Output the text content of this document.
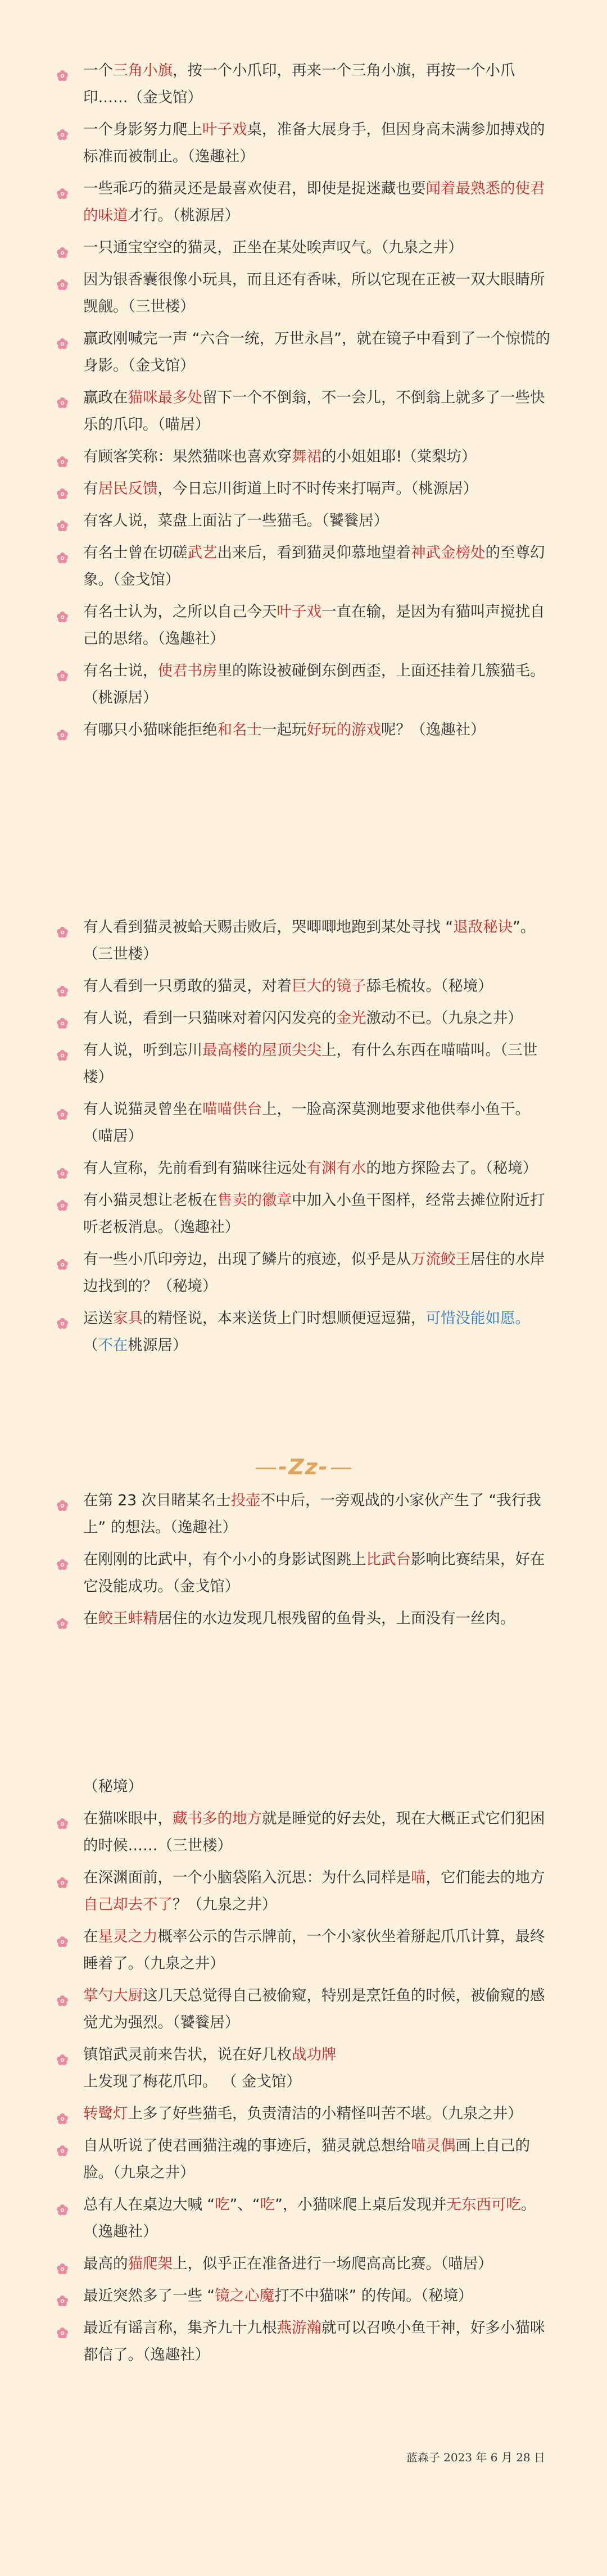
一个三角小旗，按一个小爪印，再来一个三角小旗，再按一个小爪印……（金戈馆）
一个身影努力爬上叶子戏桌，准备大展身手，但因身高未满参加搏戏的标准而被制止。（逸趣社）
一些乖巧的猫灵还是最喜欢使君，即使是捉迷藏也要闻着最熟悉的使君的味道才行。（桃源居）
一只通宝空空的猫灵，正坐在某处唉声叹气。（九泉之井）
因为银香囊很像小玩具，而且还有香味，所以它现在正被一双大眼睛所觊觎。（三世楼）
赢政刚喊完一声 “六合一统，万世永昌”，就在镜子中看到了一个惊慌的身影。（金戈馆）
赢政在猫咪最多处留下一个不倒翁，不一会儿，不倒翁上就多了一些快乐的爪印。（喵居）
有顾客笑称：果然猫咪也喜欢穿舞裙的小姐姐耶!（棠梨坊）
有居民反馈，今日忘川街道上时不时传来打嗝声。（桃源居）
有客人说，菜盘上面沾了一些猫毛。（饕餮居）
有名士曾在切磋武艺出来后，看到猫灵仰慕地望着神武金榜处的至尊幻象。（金戈馆）
有名士认为，之所以自己今天叶子戏一直在输，是因为有猫叫声搅扰自己的思绪。（逸趣社）
有名士说，使君书房里的陈设被碰倒东倒西歪，上面还挂着几簇猫毛。（桃源居）
有哪只小猫咪能拒绝和名士一起玩好玩的游戏呢？（逸趣社）
有人看到猫灵被蛤天赐击败后，哭唧唧地跑到某处寻找 “退敌秘诀”。（三世楼）
有人看到一只勇敢的猫灵，对着巨大的镜子舔毛梳妆。（秘境）
有人说，看到一只猫咪对着闪闪发亮的金光激动不已。（九泉之井）
有人说，听到忘川最高楼的屋顶尖尖上，有什么东西在喵喵叫。（三世楼）
有人说猫灵曾坐在喵喵供台上，一脸高深莫测地要求他供奉小鱼干。（喵居）
有人宣称，先前看到有猫咪往远处有渊有水的地方探险去了。（秘境）
有小猫灵想让老板在售卖的徽章中加入小鱼干图样，经常去摊位附近打听老板消息。（逸趣社）
有一些小爪印旁边，出现了鳞片的痕迹，似乎是从万流鲛王居住的水岸边找到的？（秘境）
运送家具的精怪说，本来送货上门时想顺便逗逗猫，可惜没能如愿。（不在桃源居）
-Zz-
在第 23 次目睹某名士投壶不中后，一旁观战的小家伙产生了 “我行我上” 的想法。（逸趣社）
在刚刚的比武中，有个小小的身影试图跳上比武台影响比赛结果，好在它没能成功。（金戈馆）
在鲛王蚌精居住的水边发现几根残留的鱼骨头，上面没有一丝肉。
（秘境）
在猫咪眼中，藏书多的地方就是睡觉的好去处，现在大概正式它们犯困的时候……（三世楼）
在深渊面前，一个小脑袋陷入沉思：为什么同样是喵，它们能去的地方自己却去不了？（九泉之井）
在星灵之力概率公示的告示牌前，一个小家伙坐着掰起爪爪计算，最终睡着了。（九泉之井）
掌勺大厨这几天总觉得自己被偷窥，特别是烹饪鱼的时候，被偷窥的感觉尤为强烈。（饕餮居）
镇馆武灵前来告状，说在好几枚战功牌上发现了梅花爪印。 （ 金戈馆）
转鹭灯上多了好些猫毛，负责清洁的小精怪叫苦不堪。（九泉之井）
自从听说了使君画猫注魂的事迹后，猫灵就总想给喵灵偶画上自己的脸。（九泉之井）
总有人在桌边大喊 “吃”、“吃”，小猫咪爬上桌后发现并无东西可吃。（逸趣社）
最高的猫爬架上，似乎正在准备进行一场爬高高比赛。（喵居）
最近突然多了一些 “镜之心魔打不中猫咪” 的传闻。（秘境）
最近有谣言称，集齐九十九根燕游瀚就可以召唤小鱼干神，好多小猫咪都信了。（逸趣社）
蓝森子 2023 年 6 月 28 日
